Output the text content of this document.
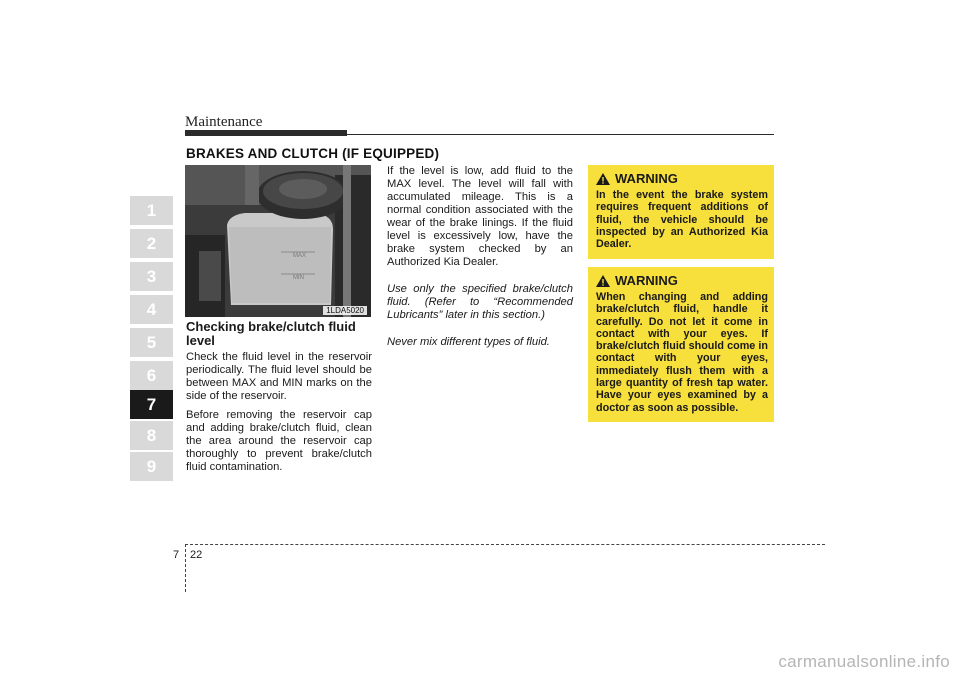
Maintenance
BRAKES AND CLUTCH (IF EQUIPPED)
1
2
3
4
5
6
7
8
9
MAX
MIN
1LDA5020
Checking brake/clutch fluid level

Check the fluid level in the reservoir periodically. The fluid level should be between MAX and MIN marks on the side of the reservoir.

Before removing the reservoir cap and adding brake/clutch fluid, clean the area around the reservoir cap thoroughly to prevent brake/clutch fluid contamination.

If the level is low, add fluid to the MAX level. The level will fall with accumulated mileage. This is a normal condition associated with the wear of the brake linings. If the fluid level is excessively low, have the brake system checked by an Authorized Kia Dealer.

Use only the specified brake/clutch fluid. (Refer to “Recommended Lubricants” later in this section.)

Never mix different types of fluid.

WARNING
In the event the brake system requires frequent additions of fluid, the vehicle should be inspected by an Authorized Kia Dealer.
WARNING
When changing and adding brake/clutch fluid, handle it carefully. Do not let it come in contact with your eyes. If brake/clutch fluid should come in contact with your eyes, immediately flush them with a large quantity of fresh tap water. Have your eyes examined by a doctor as soon as possible.
7 22
carmanualsonline.info
